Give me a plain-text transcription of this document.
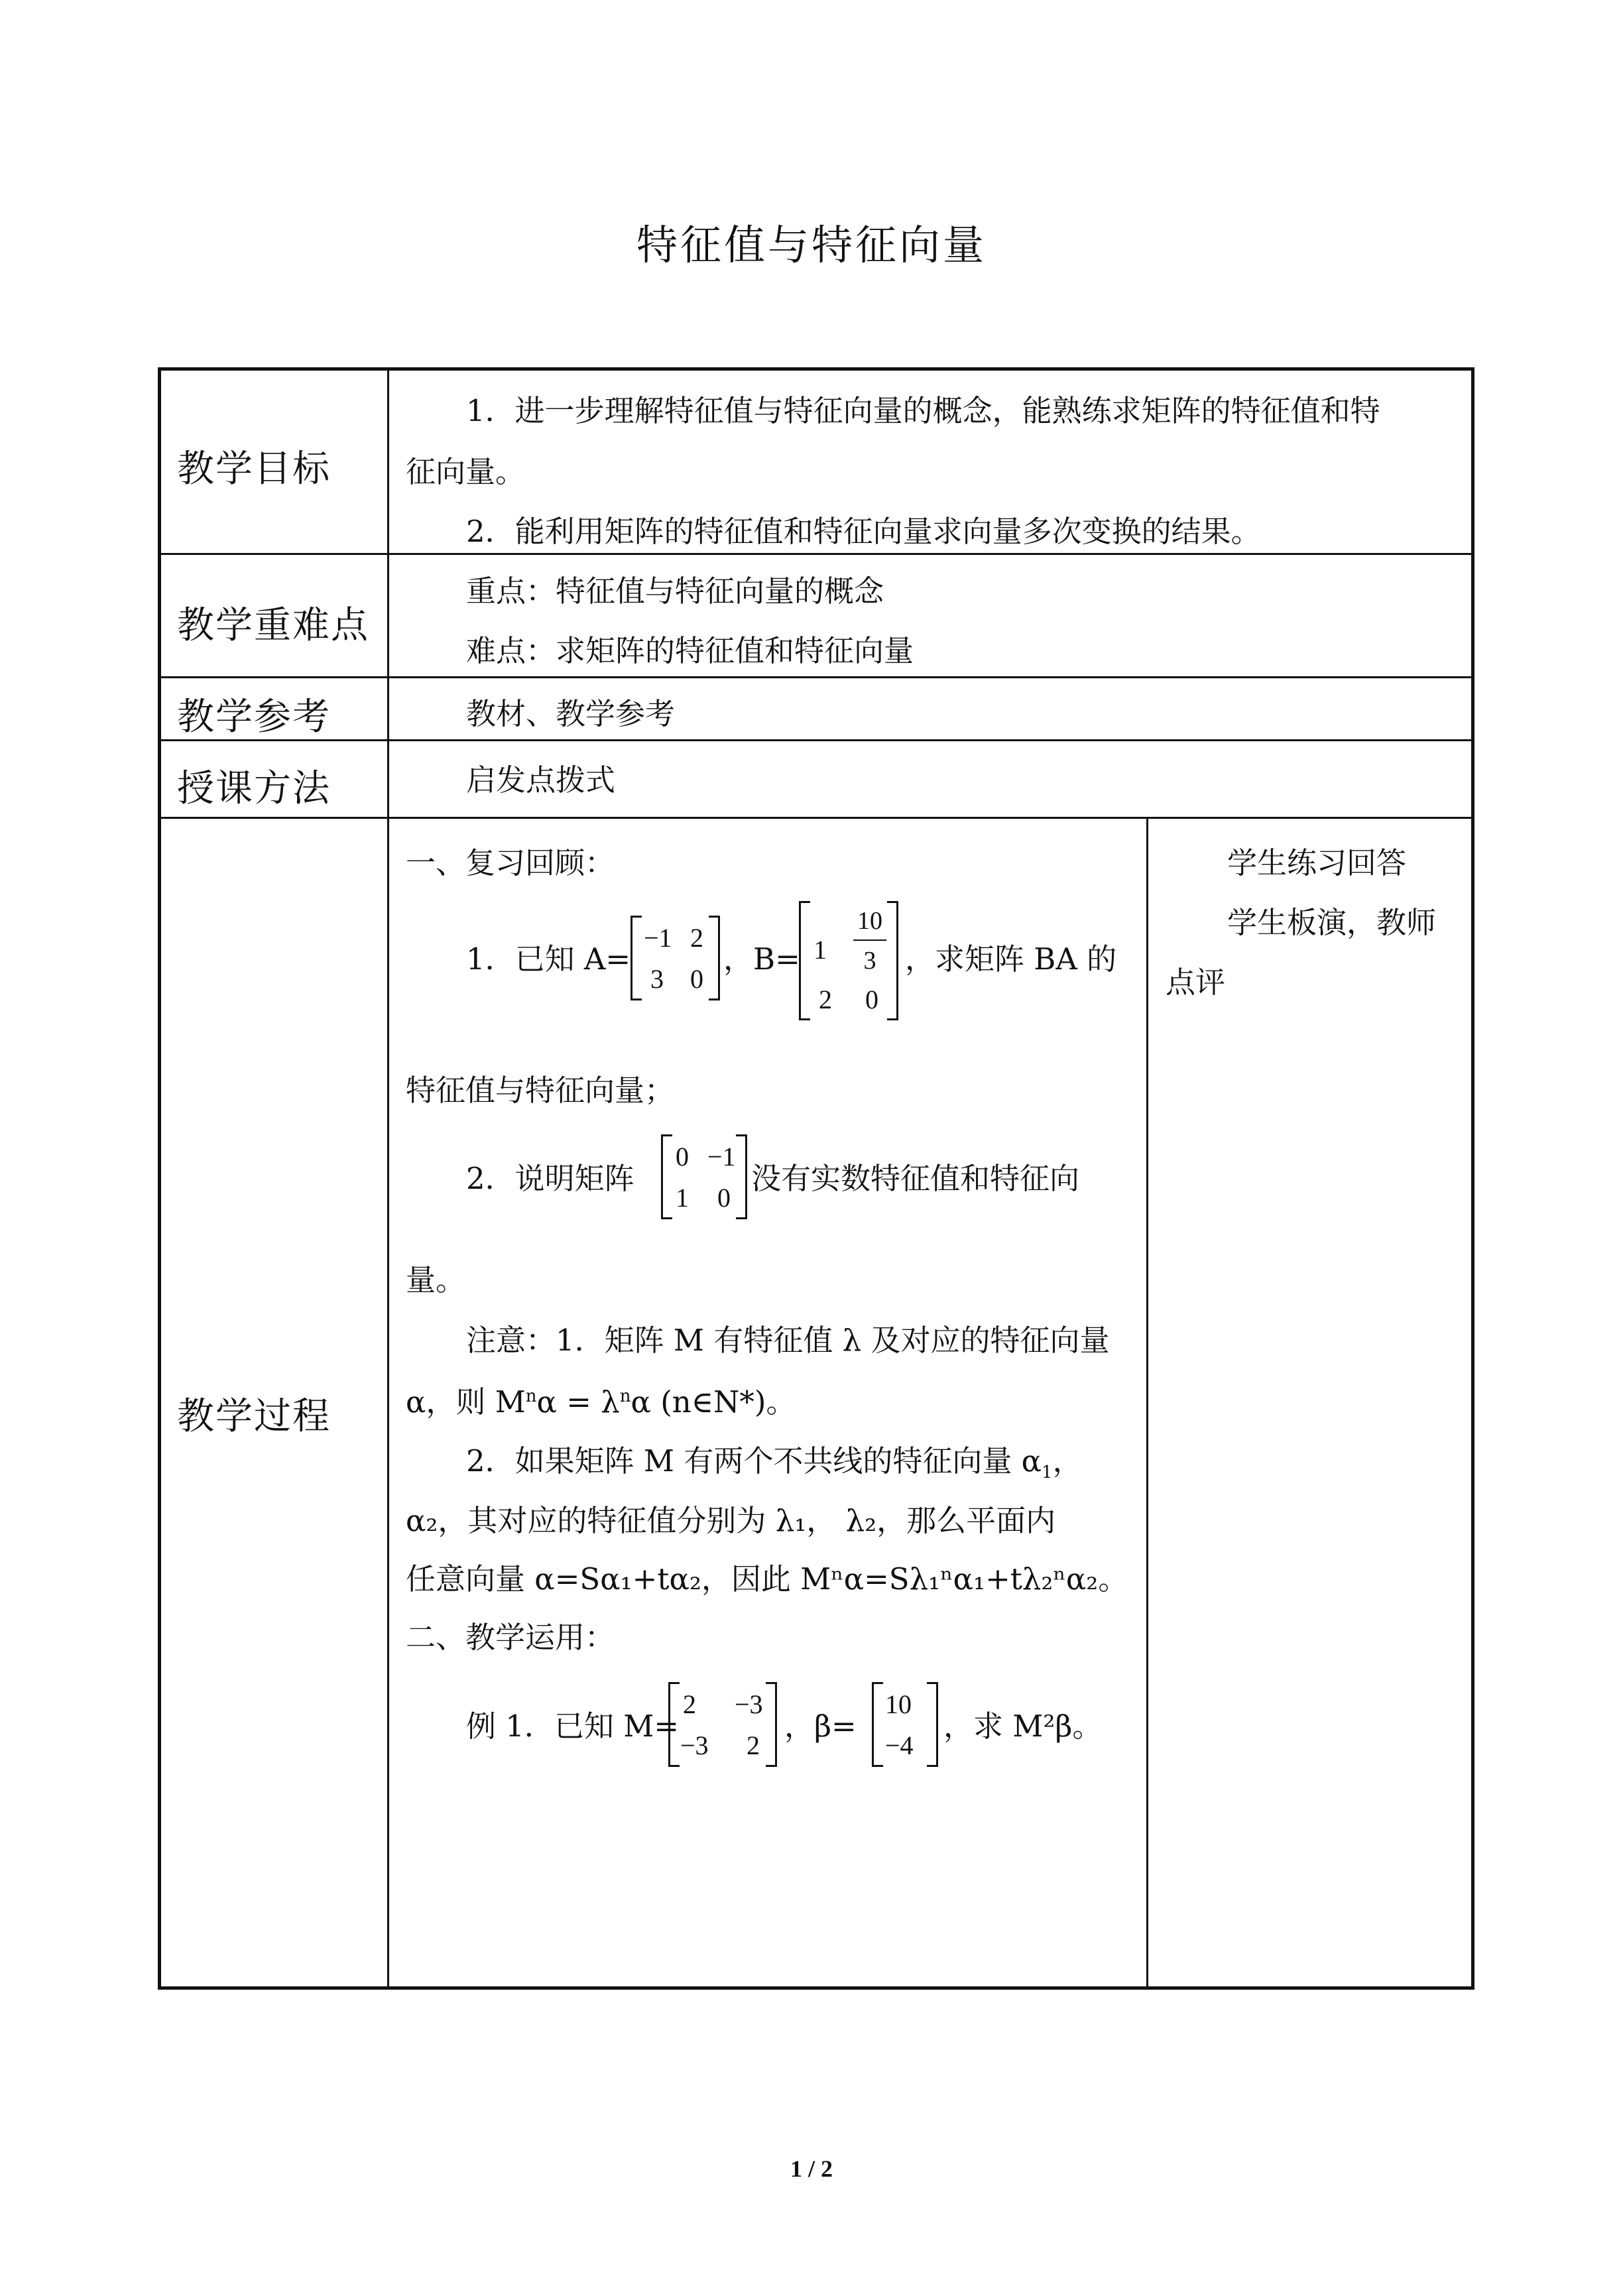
特征值与特征向量
教学目标
1．进一步理解特征值与特征向量的概念，能熟练求矩阵的特征值和特
征向量。
2．能利用矩阵的特征值和特征向量求向量多次变换的结果。
教学重难点
重点：特征值与特征向量的概念
难点：求矩阵的特征值和特征向量
教学参考	教材、教学参考
授课方法	启发点拨式
教学过程
一、复习回顾：
1．已知 A=
−1 2
3 0
，B= 1
10
3
2 0
，求矩阵 BA 的
特征值与特征向量；
2．说明矩阵
0 −1
1 0
没有实数特征值和特征向
量。
注意：1．矩阵 M 有特征值 λ 及对应的特征向量
α，则 $M^n\alpha = \lambda^n\alpha$ (n∈N*)。
2．如果矩阵 M 有两个不共线的特征向量 $\alpha_1$，
α₂，其对应的特征值分别为 λ₁， λ₂，那么平面内
任意向量 α=Sα₁+tα₂，因此 Mⁿα=Sλ₁ⁿα₁+tλ₂ⁿα₂。
二、教学运用：
例 1．已知 M=
2 −3
−3 2
，β=
10
−4
，求 M²β。
学生练习回答
学生板演，教师
点评
1 / 2
